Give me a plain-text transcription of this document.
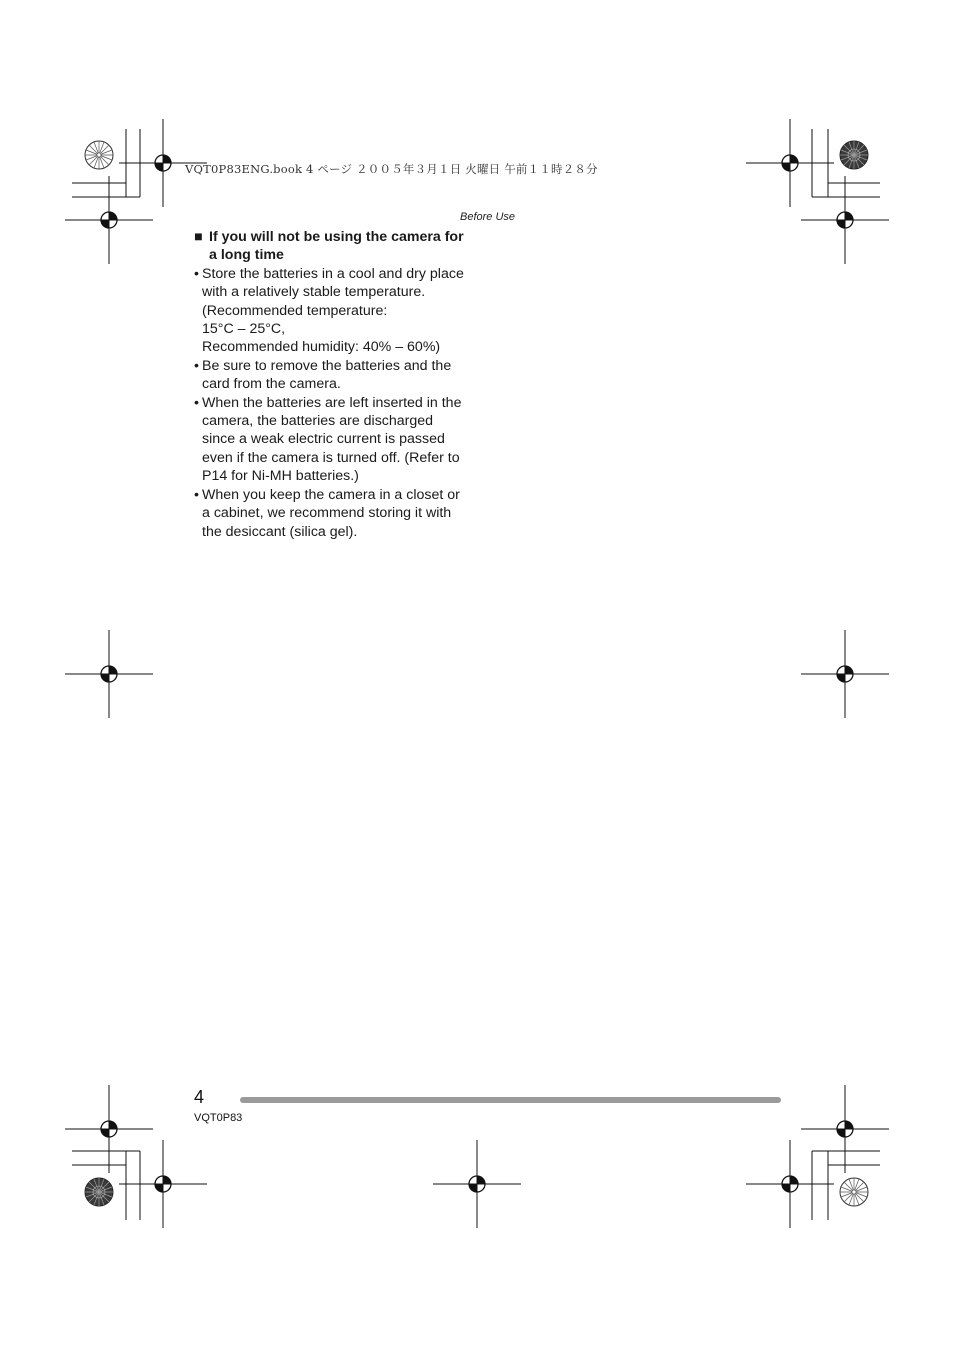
VQT0P83ENG.book 4 ページ ２００５年３月１日 火曜日 午前１１時２８分
Before Use

■ If you will not be using the camera for
a long time

• Store the batteries in a cool and dry place
with a relatively stable temperature.
(Recommended temperature:
15°C – 25°C,
Recommended humidity: 40% – 60%)
• Be sure to remove the batteries and the
card from the camera.
• When the batteries are left inserted in the
camera, the batteries are discharged
since a weak electric current is passed
even if the camera is turned off. (Refer to
P14 for Ni-MH batteries.)
• When you keep the camera in a closet or
a cabinet, we recommend storing it with
the desiccant (silica gel).
4
VQT0P83
